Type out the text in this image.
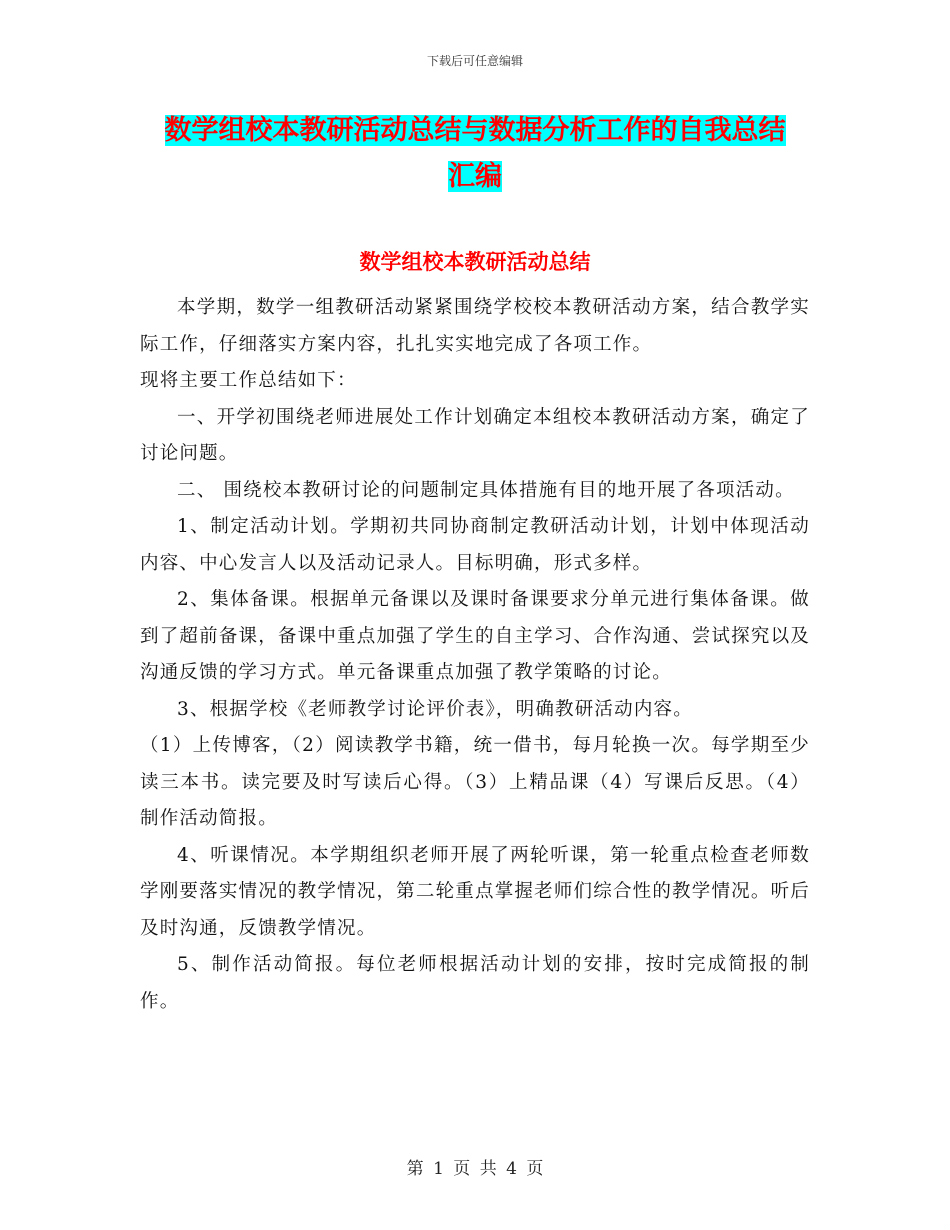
下载后可任意编辑
数学组校本教研活动总结与数据分析工作的自我总结
汇编
数学组校本教研活动总结

本学期，数学一组教研活动紧紧围绕学校校本教研活动方案，结合教学实际工作，仔细落实方案内容，扎扎实实地完成了各项工作。

现将主要工作总结如下：

一、开学初围绕老师进展处工作计划确定本组校本教研活动方案，确定了讨论问题。

二、 围绕校本教研讨论的问题制定具体措施有目的地开展了各项活动。

1、制定活动计划。学期初共同协商制定教研活动计划，计划中体现活动内容、中心发言人以及活动记录人。目标明确，形式多样。

2、集体备课。根据单元备课以及课时备课要求分单元进行集体备课。做到了超前备课，备课中重点加强了学生的自主学习、合作沟通、尝试探究以及沟通反馈的学习方式。单元备课重点加强了教学策略的讨论。

3、根据学校《老师教学讨论评价表》，明确教研活动内容。

（1）上传博客，（2）阅读教学书籍，统一借书，每月轮换一次。每学期至少读三本书。读完要及时写读后心得。（3）上精品课（4）写课后反思。（4）制作活动简报。

4、听课情况。本学期组织老师开展了两轮听课，第一轮重点检查老师数学刚要落实情况的教学情况，第二轮重点掌握老师们综合性的教学情况。听后及时沟通，反馈教学情况。

5、制作活动简报。每位老师根据活动计划的安排，按时完成简报的制作。

第 1 页 共 4 页
